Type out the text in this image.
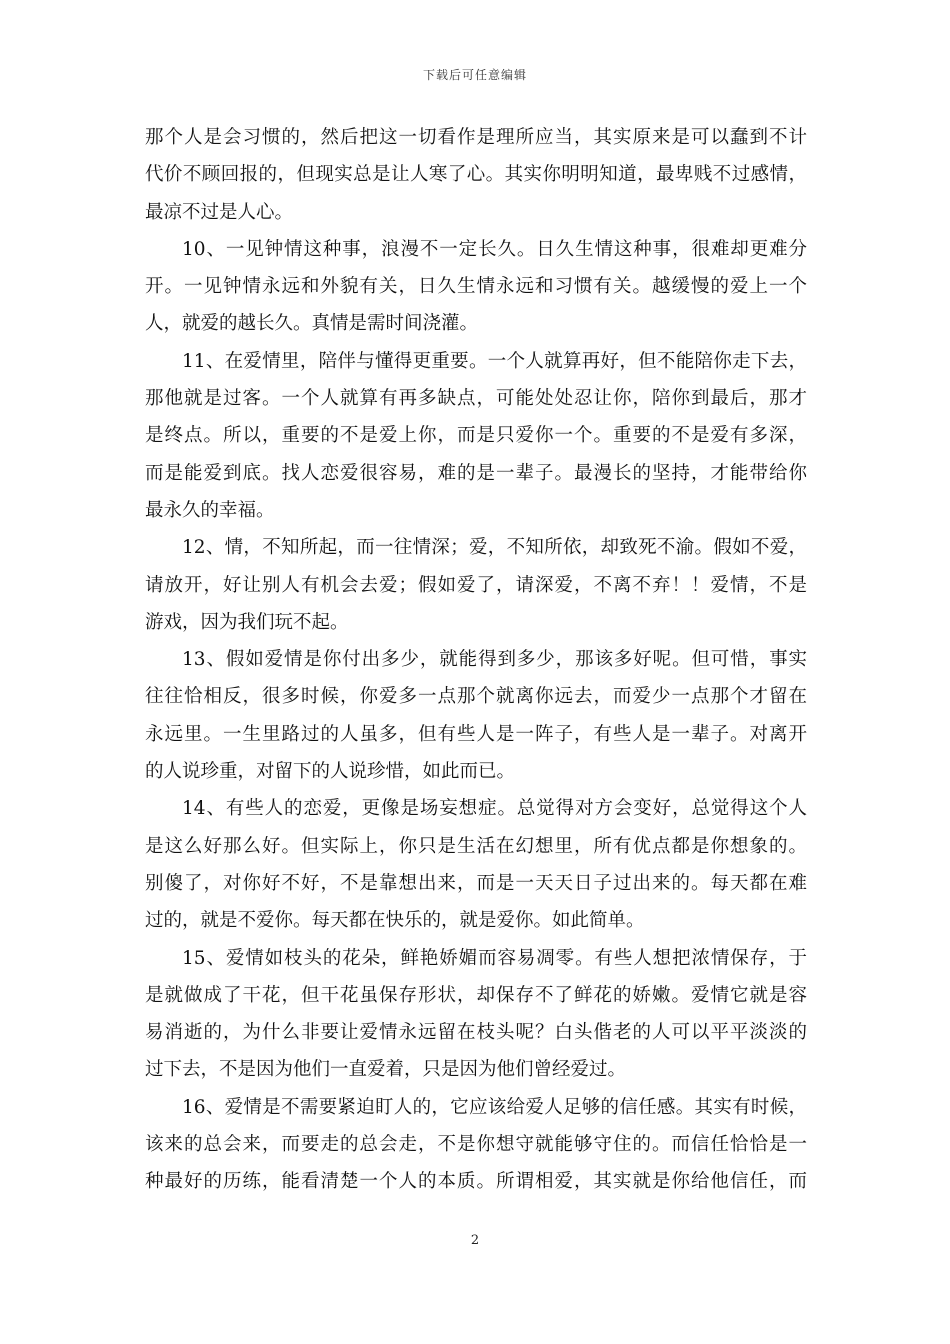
下载后可任意编辑
那个人是会习惯的，然后把这一切看作是理所应当，其实原来是可以蠢到不计
代价不顾回报的，但现实总是让人寒了心。其实你明明知道，最卑贱不过感情，
最凉不过是人心。
10、一见钟情这种事，浪漫不一定长久。日久生情这种事，很难却更难分
开。一见钟情永远和外貌有关，日久生情永远和习惯有关。越缓慢的爱上一个
人，就爱的越长久。真情是需时间浇灌。
11、在爱情里，陪伴与懂得更重要。一个人就算再好，但不能陪你走下去，
那他就是过客。一个人就算有再多缺点，可能处处忍让你，陪你到最后，那才
是终点。所以，重要的不是爱上你，而是只爱你一个。重要的不是爱有多深，
而是能爱到底。找人恋爱很容易，难的是一辈子。最漫长的坚持，才能带给你
最永久的幸福。
12、情，不知所起，而一往情深；爱，不知所依，却致死不渝。假如不爱，
请放开，好让别人有机会去爱；假如爱了，请深爱，不离不弃！！爱情，不是
游戏，因为我们玩不起。
13、假如爱情是你付出多少，就能得到多少，那该多好呢。但可惜，事实
往往恰相反，很多时候，你爱多一点那个就离你远去，而爱少一点那个才留在
永远里。一生里路过的人虽多，但有些人是一阵子，有些人是一辈子。对离开
的人说珍重，对留下的人说珍惜，如此而已。
14、有些人的恋爱，更像是场妄想症。总觉得对方会变好，总觉得这个人
是这么好那么好。但实际上，你只是生活在幻想里，所有优点都是你想象的。
别傻了，对你好不好，不是靠想出来，而是一天天日子过出来的。每天都在难
过的，就是不爱你。每天都在快乐的，就是爱你。如此简单。
15、爱情如枝头的花朵，鲜艳娇媚而容易凋零。有些人想把浓情保存，于
是就做成了干花，但干花虽保存形状，却保存不了鲜花的娇嫩。爱情它就是容
易消逝的，为什么非要让爱情永远留在枝头呢？白头偕老的人可以平平淡淡的
过下去，不是因为他们一直爱着，只是因为他们曾经爱过。
16、爱情是不需要紧迫盯人的，它应该给爱人足够的信任感。其实有时候，
该来的总会来，而要走的总会走，不是你想守就能够守住的。而信任恰恰是一
种最好的历练，能看清楚一个人的本质。所谓相爱，其实就是你给他信任，而
2
